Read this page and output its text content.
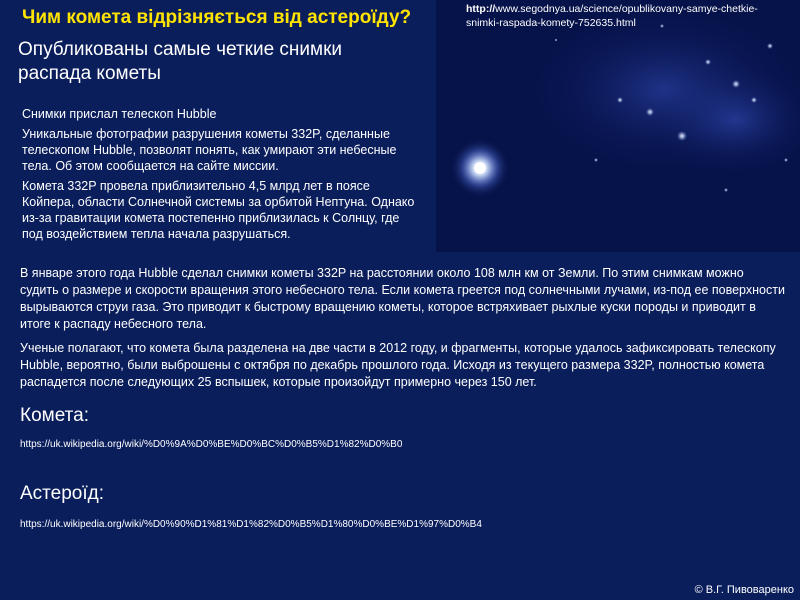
Чим комета відрізняється від астероїду?
Опубликованы самые четкие снимки распада кометы
http://www.segodnya.ua/science/opublikovany-samye-chetkie-snimki-raspada-komety-752635.html

Снимки прислал телескоп Hubble

Уникальные фотографии разрушения кометы 332P, сделанные телескопом Hubble, позволят понять, как умирают эти небесные тела. Об этом сообщается на сайте миссии.

Комета 332P провела приблизительно 4,5 млрд лет в поясе Койпера, области Солнечной системы за орбитой Нептуна. Однако из-за гравитации комета постепенно приблизилась к Солнцу, где под воздействием тепла начала разрушаться.

В январе этого года Hubble сделал снимки кометы 332P на расстоянии около 108 млн км от Земли. По этим снимкам можно судить о размере и скорости вращения этого небесного тела. Если комета греется под солнечными лучами, из-под ее поверхности вырываются струи газа. Это приводит к быстрому вращению кометы, которое встряхивает рыхлые куски породы и приводит в итоге к распаду небесного тела.

Ученые полагают, что комета была разделена на две части в 2012 году, и фрагменты, которые удалось зафиксировать телескопу Hubble, вероятно, были выброшены с октября по декабрь прошлого года. Исходя из текущего размера 332P, полностью комета распадется после следующих 25 вспышек, которые произойдут примерно через 150 лет.

Комета:
https://uk.wikipedia.org/wiki/%D0%9A%D0%BE%D0%BC%D0%B5%D1%82%D0%B0
Астероїд:
https://uk.wikipedia.org/wiki/%D0%90%D1%81%D1%82%D0%B5%D1%80%D0%BE%D1%97%D0%B4
© В.Г. Пивоваренко
